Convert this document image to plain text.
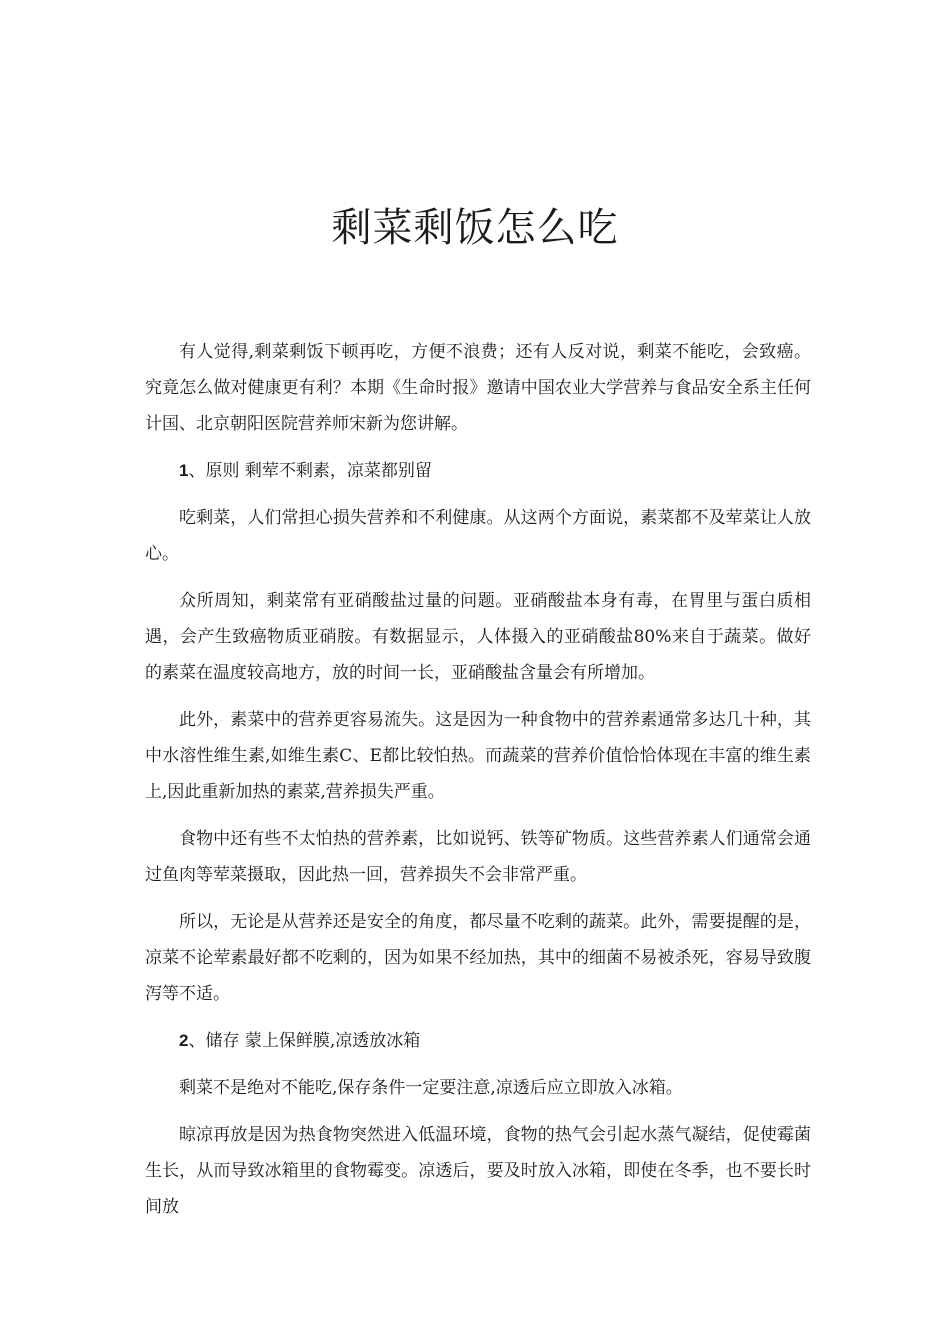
剩菜剩饭怎么吃

有人觉得,剩菜剩饭下顿再吃，方便不浪费；还有人反对说，剩菜不能吃，会致癌。究竟怎么做对健康更有利？本期《生命时报》邀请中国农业大学营养与食品安全系主任何计国、北京朝阳医院营养师宋新为您讲解。

1、原则 剩荤不剩素，凉菜都别留

吃剩菜，人们常担心损失营养和不利健康。从这两个方面说，素菜都不及荤菜让人放心。

众所周知，剩菜常有亚硝酸盐过量的问题。亚硝酸盐本身有毒，在胃里与蛋白质相遇，会产生致癌物质亚硝胺。有数据显示，人体摄入的亚硝酸盐80%来自于蔬菜。做好的素菜在温度较高地方，放的时间一长，亚硝酸盐含量会有所增加。

此外，素菜中的营养更容易流失。这是因为一种食物中的营养素通常多达几十种，其中水溶性维生素,如维生素C、E都比较怕热。而蔬菜的营养价值恰恰体现在丰富的维生素上,因此重新加热的素菜,营养损失严重。

食物中还有些不太怕热的营养素，比如说钙、铁等矿物质。这些营养素人们通常会通过鱼肉等荤菜摄取，因此热一回，营养损失不会非常严重。

所以，无论是从营养还是安全的角度，都尽量不吃剩的蔬菜。此外，需要提醒的是，凉菜不论荤素最好都不吃剩的，因为如果不经加热，其中的细菌不易被杀死，容易导致腹泻等不适。

2、储存 蒙上保鲜膜,凉透放冰箱

剩菜不是绝对不能吃,保存条件一定要注意,凉透后应立即放入冰箱。

晾凉再放是因为热食物突然进入低温环境，食物的热气会引起水蒸气凝结，促使霉菌生长，从而导致冰箱里的食物霉变。凉透后，要及时放入冰箱，即使在冬季，也不要长时间放
